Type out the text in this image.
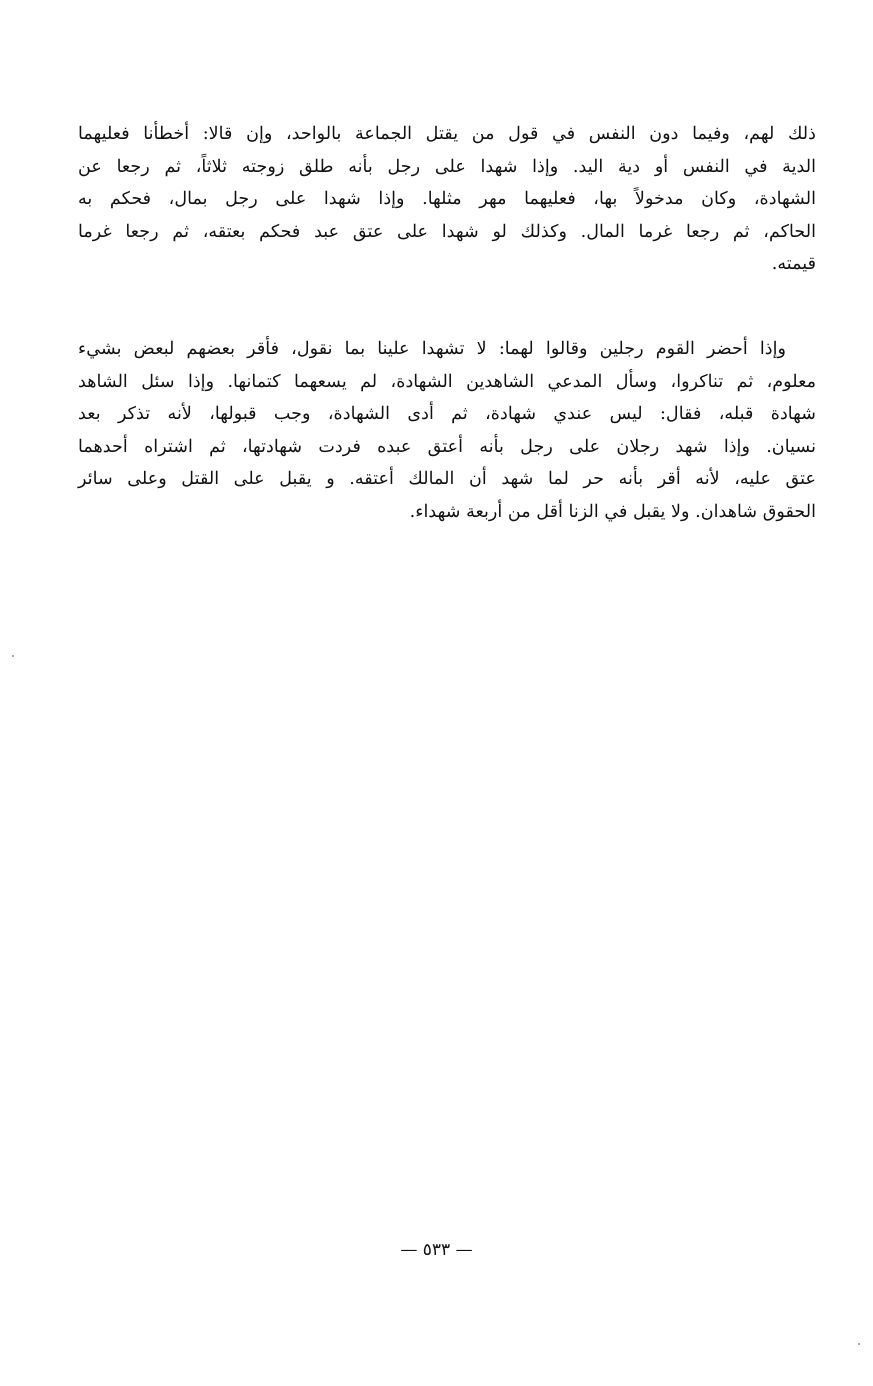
ذلك لهم، وفيما دون النفس في قول من يقتل الجماعة بالواحد، وإن قالا: أخطأنا فعليهما
الدية في النفس أو دية اليد. وإذا شهدا على رجل بأنه طلق زوجته ثلاثاً، ثم رجعا عن
الشهادة، وكان مدخولاً بها، فعليهما مهر مثلها. وإذا شهدا على رجل بمال، فحكم به
الحاكم، ثم رجعا غرما المال. وكذلك لو شهدا على عتق عبد فحكم بعتقه، ثم رجعا غرما
قيمته.
وإذا أحضر القوم رجلين وقالوا لهما: لا تشهدا علينا بما نقول، فأقر بعضهم لبعض بشيء
معلوم، ثم تناكروا، وسأل المدعي الشاهدين الشهادة، لم يسعهما كتمانها. وإذا سئل الشاهد
شهادة قبله، فقال: ليس عندي شهادة، ثم أدى الشهادة، وجب قبولها، لأنه تذكر بعد
نسيان. وإذا شهد رجلان على رجل بأنه أعتق عبده فردت شهادتها، ثم اشتراه أحدهما
عتق عليه، لأنه أقر بأنه حر لما شهد أن المالك أعتقه. و يقبل على القتل وعلى سائر
الحقوق شاهدان. ولا يقبل في الزنا أقل من أربعة شهداء.
— ٥٣٣ —
